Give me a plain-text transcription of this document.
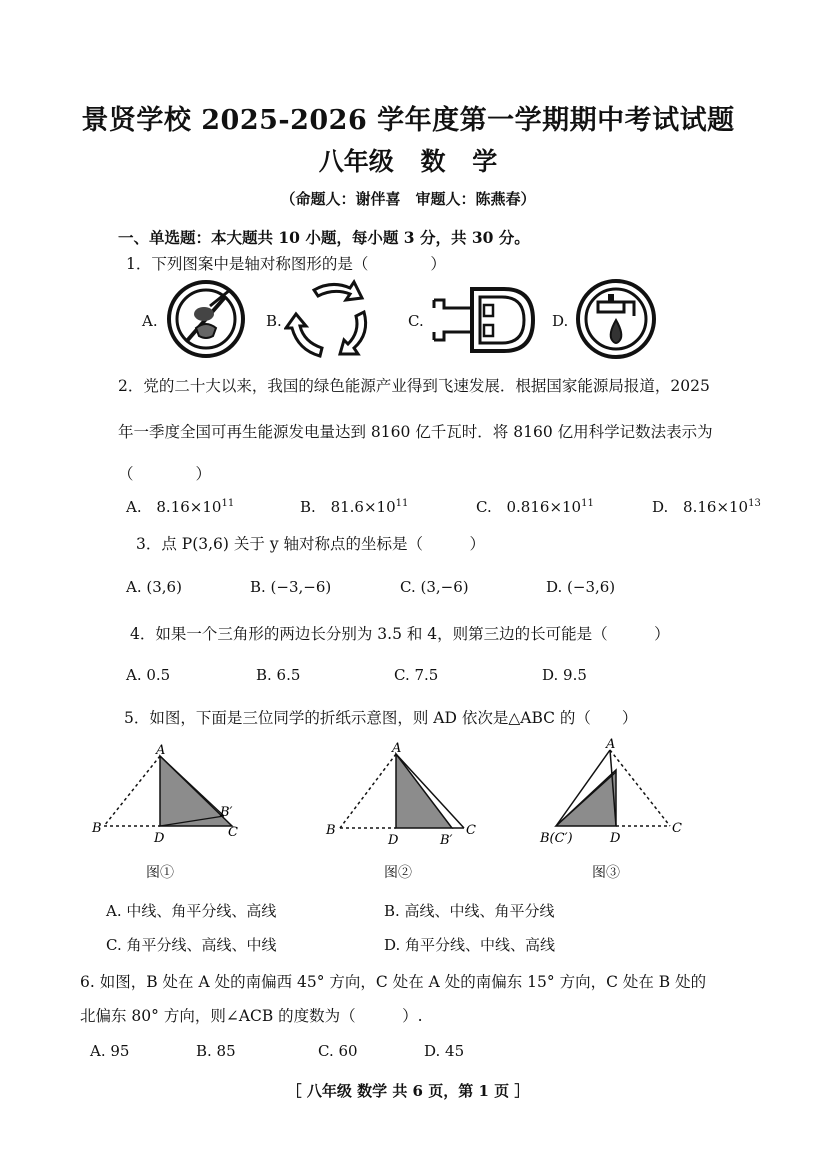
景贤学校 2025-2026 学年度第一学期期中考试试题
八年级 数 学
（命题人：谢伴喜　审题人：陈燕春）
一、单选题：本大题共 10 小题，每小题 3 分，共 30 分。
1．下列图案中是轴对称图形的是（　　　　）
A.	B.	C.	D.
2．党的二十大以来，我国的绿色能源产业得到飞速发展．根据国家能源局报道，2025
年一季度全国可再生能源发电量达到 8160 亿千瓦时．将 8160 亿用科学记数法表示为
（　　　　）
A. $8.16\times 10^{11}$	B. $81.6\times 10^{11}$	C. $0.816\times 10^{11}$	D. $8.16\times 10^{13}$
3．点 P(3,6) 关于 y 轴对称点的坐标是（　　　）
A. (3,6)	B. (−3,−6)	C. (3,−6)	D. (−3,6)
4．如果一个三角形的两边长分别为 3.5 和 4，则第三边的长可能是（　　　）
A. 0.5	B. 6.5	C. 7.5	D. 9.5
5．如图，下面是三位同学的折纸示意图，则 AD 依次是△ABC 的（　　）
A
B
D	C
B′
图①
A
B
D	B′
C
图②
A
B(C′)	D
C
图③
A. 中线、角平分线、高线	B. 高线、中线、角平分线
C. 角平分线、高线、中线	D. 角平分线、中线、高线
6. 如图，B 处在 A 处的南偏西 45° 方向，C 处在 A 处的南偏东 15° 方向，C 处在 B 处的
北偏东 80° 方向，则∠ACB 的度数为（　　　）.
A. 95	B. 85	C. 60	D. 45
［ 八年级 数学 共 6 页，第 1 页 ］
